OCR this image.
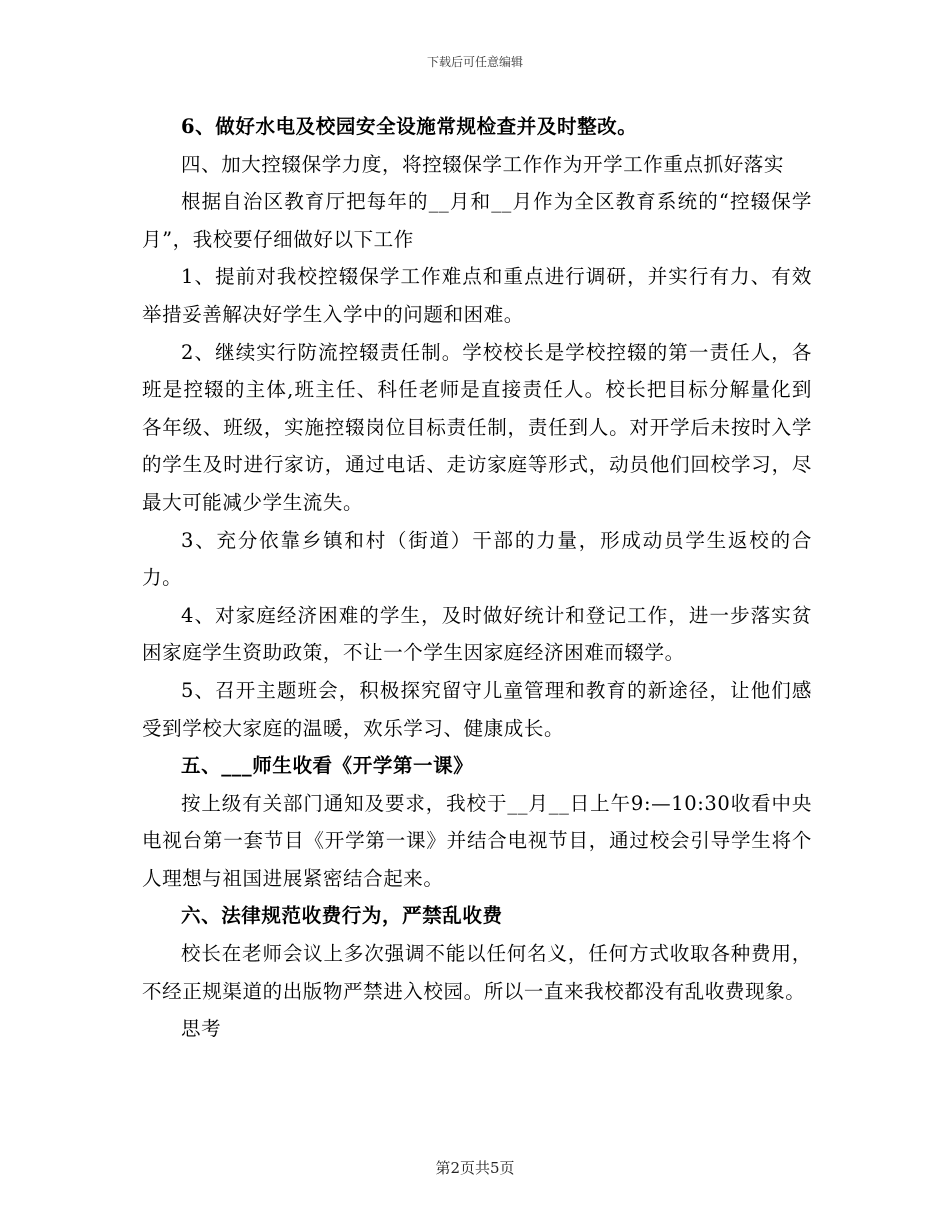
下载后可任意编辑

6、做好水电及校园安全设施常规检查并及时整改。

四、加大控辍保学力度，将控辍保学工作作为开学工作重点抓好落实

根据自治区教育厅把每年的__月和__月作为全区教育系统的“控辍保学月”，我校要仔细做好以下工作

1、提前对我校控辍保学工作难点和重点进行调研，并实行有力、有效举措妥善解决好学生入学中的问题和困难。

2、继续实行防流控辍责任制。学校校长是学校控辍的第一责任人，各班是控辍的主体,班主任、科任老师是直接责任人。校长把目标分解量化到各年级、班级，实施控辍岗位目标责任制，责任到人。对开学后未按时入学的学生及时进行家访，通过电话、走访家庭等形式，动员他们回校学习，尽最大可能减少学生流失。

3、充分依靠乡镇和村（街道）干部的力量，形成动员学生返校的合力。

4、对家庭经济困难的学生，及时做好统计和登记工作，进一步落实贫困家庭学生资助政策，不让一个学生因家庭经济困难而辍学。

5、召开主题班会，积极探究留守儿童管理和教育的新途径，让他们感受到学校大家庭的温暖，欢乐学习、健康成长。

五、___师生收看《开学第一课》

按上级有关部门通知及要求，我校于__月__日上午9:—10:30收看中央电视台第一套节目《开学第一课》并结合电视节目，通过校会引导学生将个人理想与祖国进展紧密结合起来。

六、法律规范收费行为，严禁乱收费

校长在老师会议上多次强调不能以任何名义，任何方式收取各种费用，不经正规渠道的出版物严禁进入校园。所以一直来我校都没有乱收费现象。

思考

第2页共5页
